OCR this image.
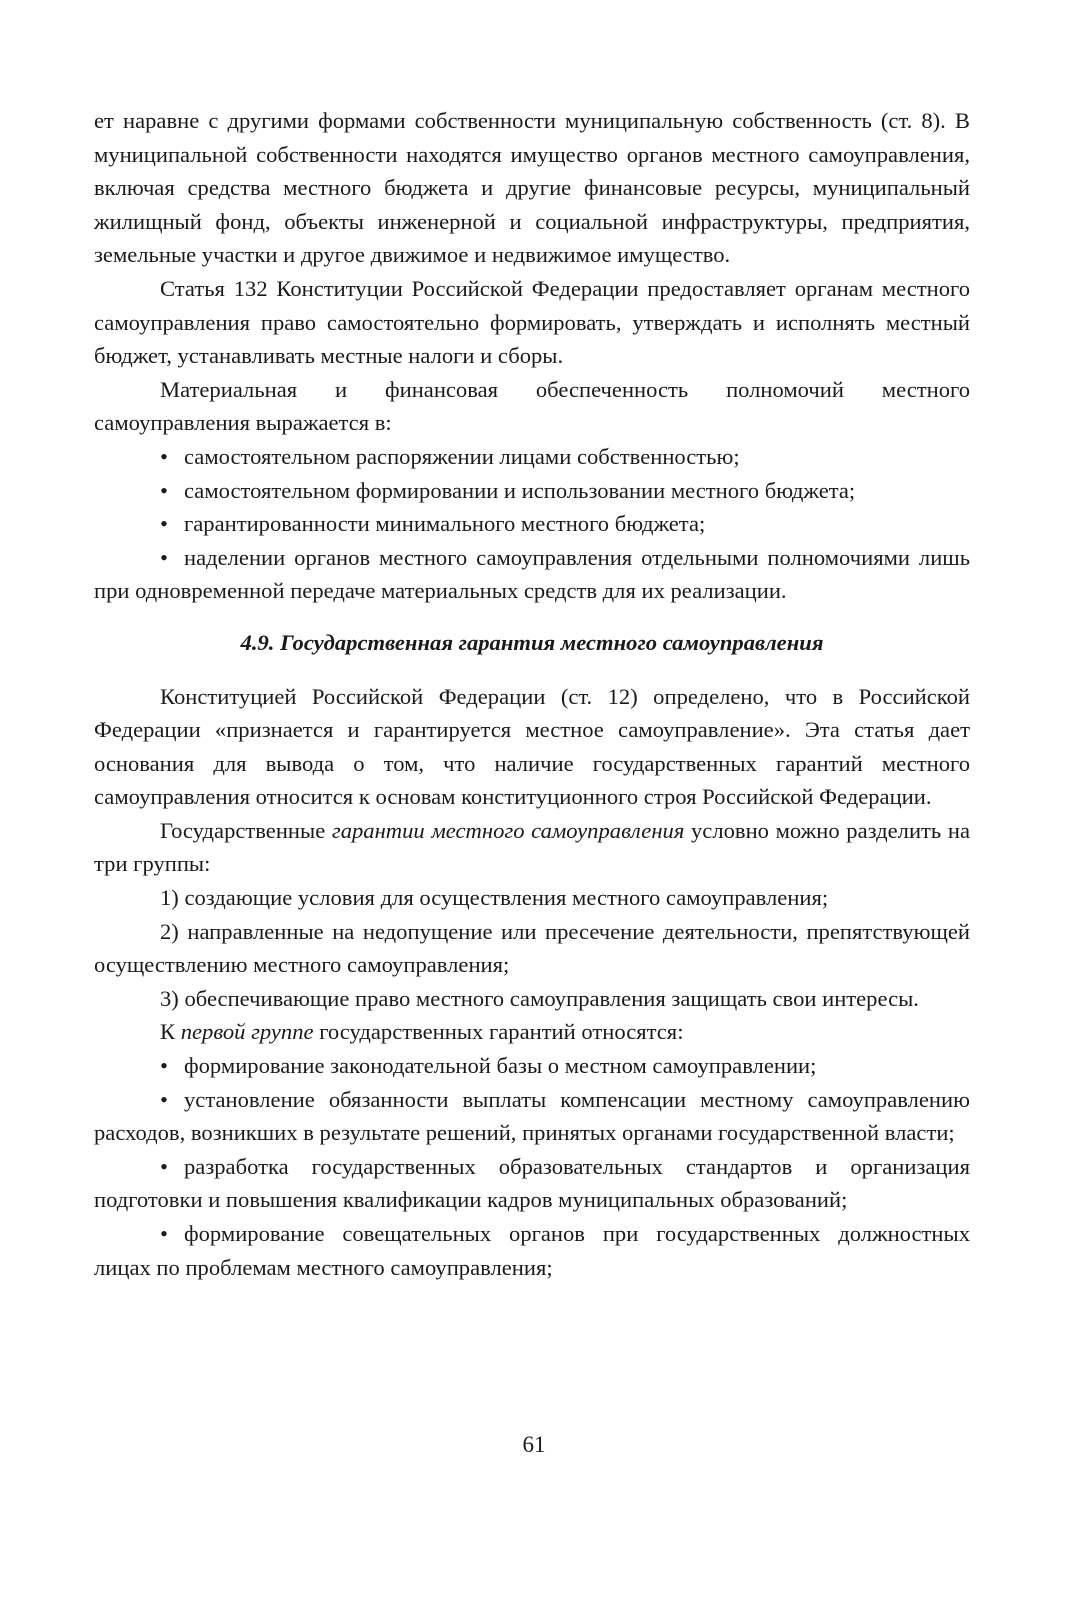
ет наравне с другими формами собственности муниципальную собственность (ст. 8). В муниципальной собственности находятся имущество органов местного самоуправления, включая средства местного бюджета и другие финансовые ресурсы, муниципальный жилищный фонд, объекты инженерной и социальной инфраструктуры, предприятия, земельные участки и другое движимое и недвижимое имущество.

Статья 132 Конституции Российской Федерации предоставляет органам местного самоуправления право самостоятельно формировать, утверждать и исполнять местный бюджет, устанавливать местные налоги и сборы.

Материальная и финансовая обеспеченность полномочий местного самоуправления выражается в:

• самостоятельном распоряжении лицами собственностью;

• самостоятельном формировании и использовании местного бюджета;

• гарантированности минимального местного бюджета;

• наделении органов местного самоуправления отдельными полномочиями лишь при одновременной передаче материальных средств для их реализации.

4.9. Государственная гарантия местного самоуправления

Конституцией Российской Федерации (ст. 12) определено, что в Российской Федерации «признается и гарантируется местное самоуправление». Эта статья дает основания для вывода о том, что наличие государственных гарантий местного самоуправления относится к основам конституционного строя Российской Федерации.

Государственные гарантии местного самоуправления условно можно разделить на три группы:

1) создающие условия для осуществления местного самоуправления;

2) направленные на недопущение или пресечение деятельности, препятствующей осуществлению местного самоуправления;

3) обеспечивающие право местного самоуправления защищать свои интересы.

К первой группе государственных гарантий относятся:

• формирование законодательной базы о местном самоуправлении;

• установление обязанности выплаты компенсации местному самоуправлению расходов, возникших в результате решений, принятых органами государственной власти;

• разработка государственных образовательных стандартов и организация подготовки и повышения квалификации кадров муниципальных образований;

• формирование совещательных органов при государственных должностных лицах по проблемам местного самоуправления;

61
